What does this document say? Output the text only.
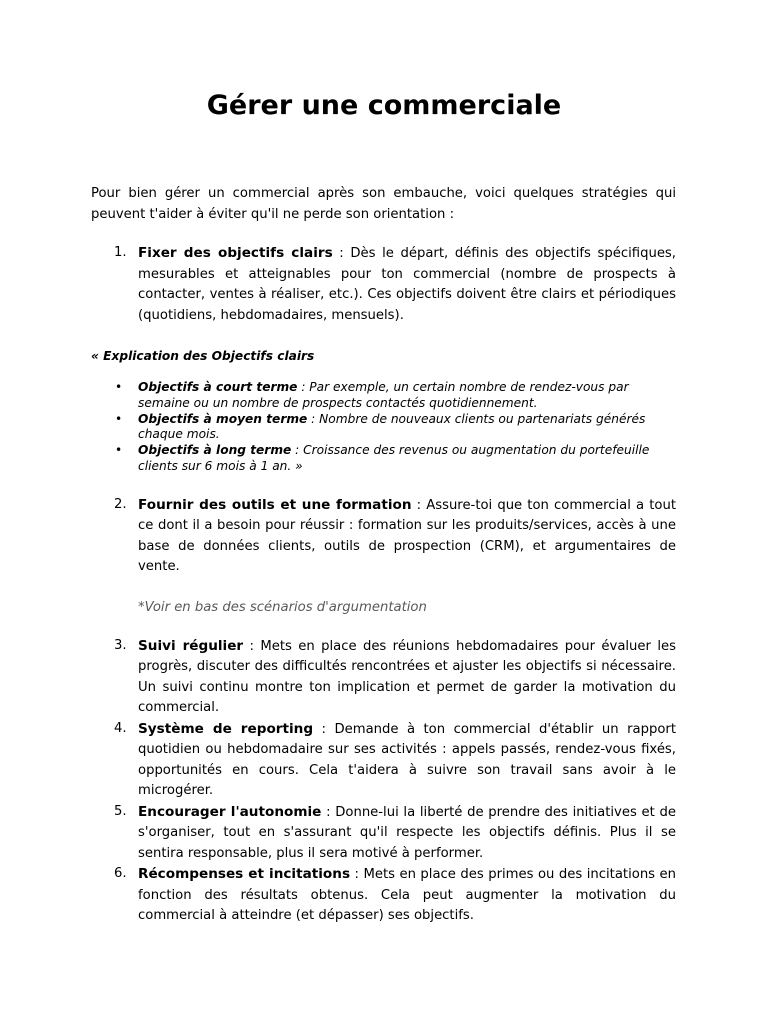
Gérer une commerciale

Pour bien gérer un commercial après son embauche, voici quelques stratégies qui peuvent t'aider à éviter qu'il ne perde son orientation :

1. Fixer des objectifs clairs : Dès le départ, définis des objectifs spécifiques, mesurables et atteignables pour ton commercial (nombre de prospects à contacter, ventes à réaliser, etc.). Ces objectifs doivent être clairs et périodiques (quotidiens, hebdomadaires, mensuels).

« Explication des Objectifs clairs

• Objectifs à court terme : Par exemple, un certain nombre de rendez-vous par semaine ou un nombre de prospects contactés quotidiennement.
• Objectifs à moyen terme : Nombre de nouveaux clients ou partenariats générés chaque mois.
• Objectifs à long terme : Croissance des revenus ou augmentation du portefeuille clients sur 6 mois à 1 an. »
2. Fournir des outils et une formation : Assure-toi que ton commercial a tout ce dont il a besoin pour réussir : formation sur les produits/services, accès à une base de données clients, outils de prospection (CRM), et argumentaires de vente.

*Voir en bas des scénarios d'argumentation

3. Suivi régulier : Mets en place des réunions hebdomadaires pour évaluer les progrès, discuter des difficultés rencontrées et ajuster les objectifs si nécessaire. Un suivi continu montre ton implication et permet de garder la motivation du commercial.
4. Système de reporting : Demande à ton commercial d'établir un rapport quotidien ou hebdomadaire sur ses activités : appels passés, rendez-vous fixés, opportunités en cours. Cela t'aidera à suivre son travail sans avoir à le microgérer.
5. Encourager l'autonomie : Donne-lui la liberté de prendre des initiatives et de s'organiser, tout en s'assurant qu'il respecte les objectifs définis. Plus il se sentira responsable, plus il sera motivé à performer.
6. Récompenses et incitations : Mets en place des primes ou des incitations en fonction des résultats obtenus. Cela peut augmenter la motivation du commercial à atteindre (et dépasser) ses objectifs.
